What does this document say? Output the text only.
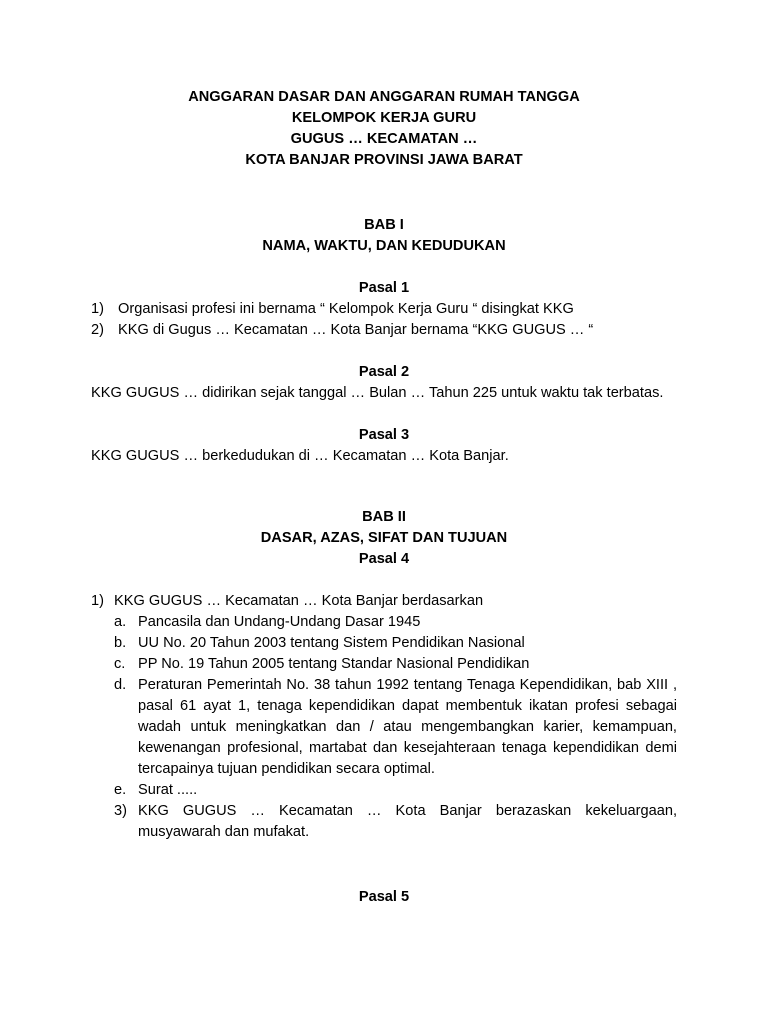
ANGGARAN DASAR DAN ANGGARAN RUMAH TANGGA
KELOMPOK KERJA GURU
GUGUS … KECAMATAN …
KOTA BANJAR PROVINSI JAWA BARAT
BAB I
NAMA, WAKTU, DAN KEDUDUKAN
Pasal 1
1) Organisasi profesi ini bernama “ Kelompok Kerja Guru “ disingkat KKG
2) KKG di Gugus … Kecamatan … Kota Banjar bernama “KKG GUGUS … “
Pasal 2
KKG GUGUS … didirikan sejak tanggal … Bulan … Tahun 225 untuk waktu tak terbatas.
Pasal 3
KKG GUGUS … berkedudukan di … Kecamatan … Kota Banjar.
BAB II
DASAR, AZAS, SIFAT DAN TUJUAN
Pasal 4
1) KKG GUGUS … Kecamatan … Kota Banjar berdasarkan
a. Pancasila dan Undang-Undang Dasar 1945
b. UU No. 20 Tahun 2003 tentang Sistem Pendidikan Nasional
c. PP No. 19 Tahun 2005 tentang Standar Nasional Pendidikan
d. Peraturan Pemerintah No. 38 tahun 1992 tentang Tenaga Kependidikan, bab XIII , pasal 61 ayat 1, tenaga kependidikan dapat membentuk ikatan profesi sebagai wadah untuk meningkatkan dan / atau mengembangkan karier, kemampuan, kewenangan profesional, martabat dan kesejahteraan tenaga kependidikan demi tercapainya tujuan pendidikan secara optimal.
e. Surat .....
3) KKG GUGUS … Kecamatan … Kota Banjar berazaskan kekeluargaan, musyawarah dan mufakat.
Pasal 5
